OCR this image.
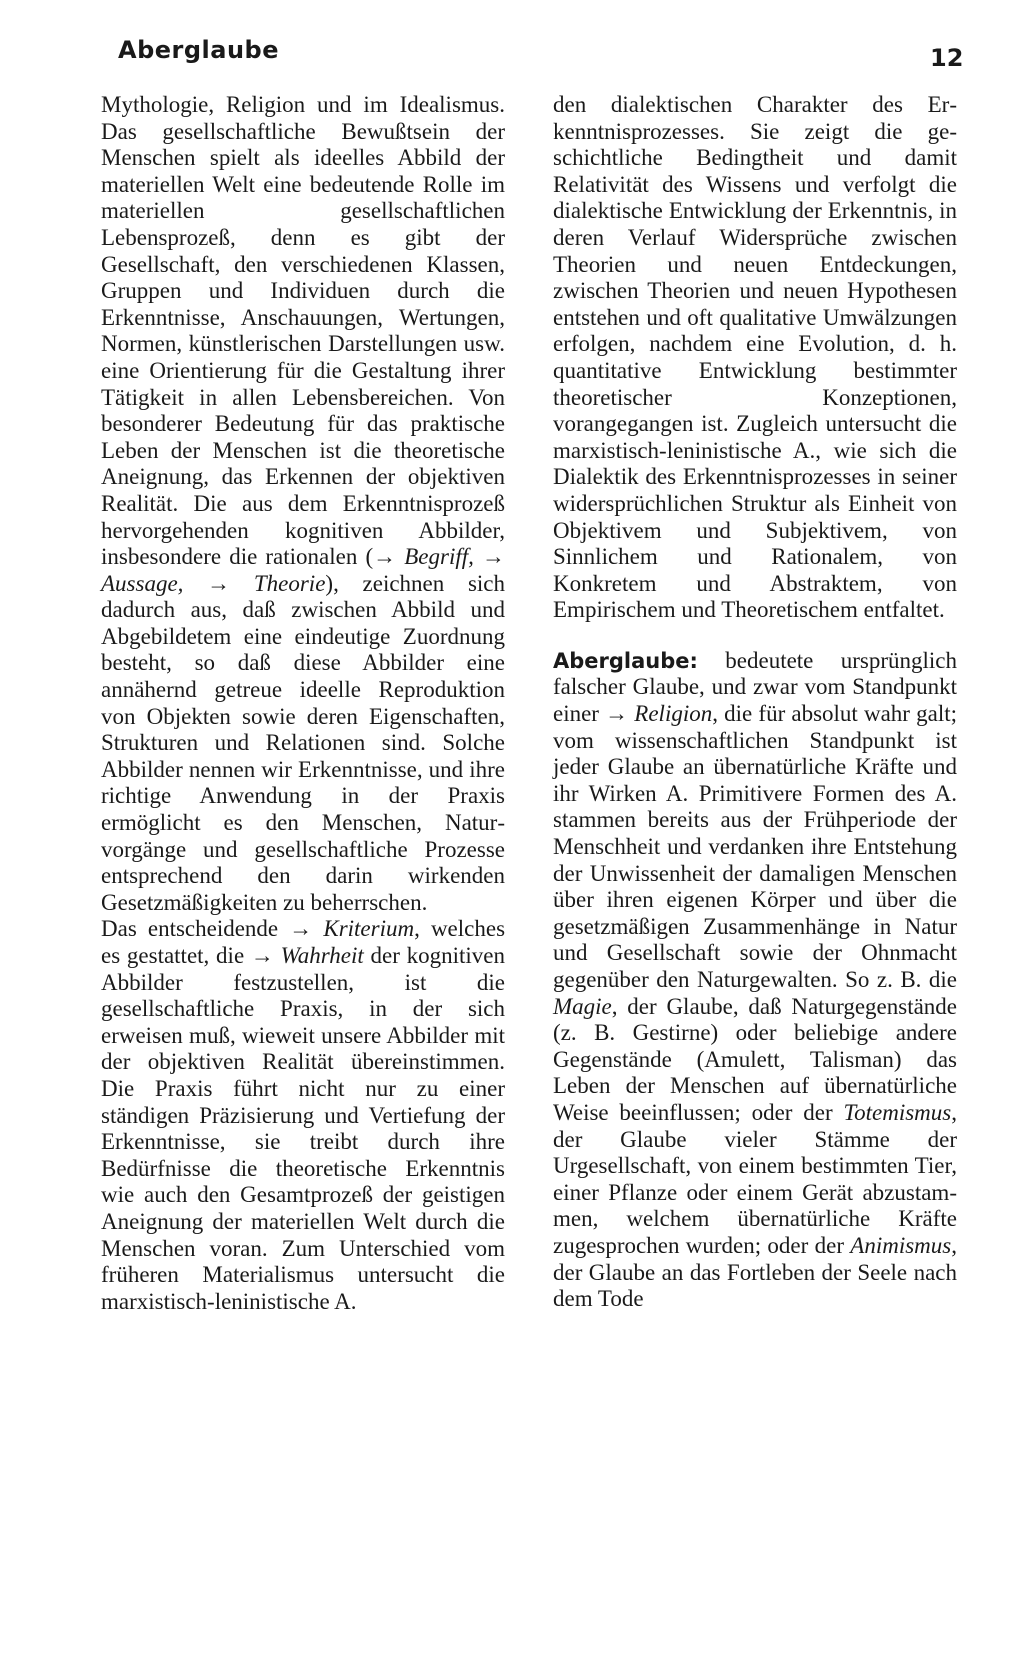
Aberglaube	12

Mythologie, Religion und im Idealismus. Das gesellschaftliche Bewußtsein der Menschen spielt als ideelles Abbild der materiellen Welt eine bedeutende Rolle im materiellen gesellschaftlichen Lebensprozeß, denn es gibt der Gesellschaft, den verschiedenen Klassen, Gruppen und Individuen durch die Erkenntnisse, Anschauungen, Wertungen, Normen, künstlerischen Darstellungen usw. eine Orientierung für die Gestaltung ihrer Tätigkeit in allen Lebensbereichen. Von besonderer Bedeutung für das praktische Leben der Menschen ist die theoretische Aneignung, das Erkennen der objektiven Realität. Die aus dem Erkenntnisprozeß hervorgehenden kognitiven Abbilder, insbesondere die rationalen (→ Begriff, → Aussage, → Theorie), zeichnen sich dadurch aus, daß zwischen Abbild und Abgebildetem eine eindeutige Zuordnung besteht, so daß diese Abbilder eine annähernd getreue ideelle Reproduktion von Objekten sowie deren Eigenschaften, Strukturen und Relationen sind. Solche Abbilder nennen wir Erkenntnisse, und ihre richtige Anwendung in der Praxis ermöglicht es den Menschen, Naturvorgänge und gesellschaftliche Prozesse entsprechend den darin wirkenden Gesetzmäßigkeiten zu beherrschen.

Das entscheidende → Kriterium, welches es gestattet, die → Wahrheit der kognitiven Abbilder festzustellen, ist die gesellschaftliche Praxis, in der sich erweisen muß, wieweit unsere Abbilder mit der objektiven Realität übereinstimmen. Die Praxis führt nicht nur zu einer ständigen Präzisierung und Vertiefung der Erkenntnisse, sie treibt durch ihre Bedürfnisse die theoretische Erkenntnis wie auch den Gesamtprozeß der geistigen Aneignung der materiellen Welt durch die Menschen voran. Zum Unterschied vom früheren Materialismus untersucht die marxistisch-leninistische A.

den dialektischen Charakter des Erkenntnisprozesses. Sie zeigt die geschichtliche Bedingtheit und damit Relativität des Wissens und verfolgt die dialektische Entwicklung der Erkenntnis, in deren Verlauf Widersprüche zwischen Theorien und neuen Entdeckungen, zwischen Theorien und neuen Hypothesen entstehen und oft qualitative Umwälzungen erfolgen, nachdem eine Evolution, d. h. quantitative Entwicklung bestimmter theoretischer Konzeptionen, vorangegangen ist. Zugleich untersucht die marxistisch-leninistische A., wie sich die Dialektik des Erkenntnisprozesses in seiner widersprüchlichen Struktur als Einheit von Objektivem und Subjektivem, von Sinnlichem und Rationalem, von Konkretem und Abstraktem, von Empirischem und Theoretischem entfaltet.

Aberglaube: bedeutete ursprünglich falscher Glaube, und zwar vom Standpunkt einer → Religion, die für absolut wahr galt; vom wissenschaftlichen Standpunkt ist jeder Glaube an übernatürliche Kräfte und ihr Wirken A. Primitivere Formen des A. stammen bereits aus der Frühperiode der Menschheit und verdanken ihre Entstehung der Unwissenheit der damaligen Menschen über ihren eigenen Körper und über die gesetzmäßigen Zusammenhänge in Natur und Gesellschaft sowie der Ohnmacht gegenüber den Naturgewalten. So z. B. die Magie, der Glaube, daß Naturgegenstände (z. B. Gestirne) oder beliebige andere Gegenstände (Amulett, Talisman) das Leben der Menschen auf übernatürliche Weise beeinflussen; oder der Totemismus, der Glaube vieler Stämme der Urgesellschaft, von einem bestimmten Tier, einer Pflanze oder einem Gerät abzustammen, welchem übernatürliche Kräfte zugesprochen wurden; oder der Animismus, der Glaube an das Fortleben der Seele nach dem Tode
